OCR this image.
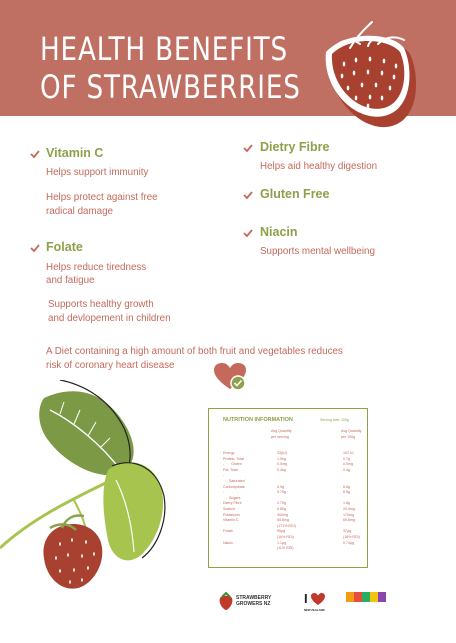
HEALTH BENEFITS
OF STRAWBERRIES
Vitamin C
Helps support immunity
Helps protect against free
radical damage
Folate
Helps reduce tiredness
and fatigue
Supports healthy growth
and devlopement in children
Dietry Fibre
Helps aid healthy digestion
Gluten Free
Niacin
Supports mental wellbeing
A Diet containing a high amount of both fruit and vegetables reduces
risk of coronary heart disease
NUTRITION INFORMATION	Serving size: 100g
Avg Quantity
per serving
Avg Quantity
per 100g
Energy
Protein, Total
-       Gluten
Fat, Total
-
Saturated
Carbohydrate
-
Sugars
Dietry Fibre
Sodium
Potassium
Vitamin C

Folate

Niacin
33(kJ)
1.0kg
0.0mg
0.4kg

5.9g
5.75g

2.70g
0.80g
300mg
65.6mg
(171% RDI)
95μg
(16% RDI)
1.1μg
(11% RDI)
102 kJ
0.7g
0.0mg
0.4g

6.6g
6.6g

1.8g
20.0mg
170mg
65.6mg

37μg
(16% RDI)
0.74μg
STRAWBERRY
GROWERS NZ	I
NEW ZEALAND
